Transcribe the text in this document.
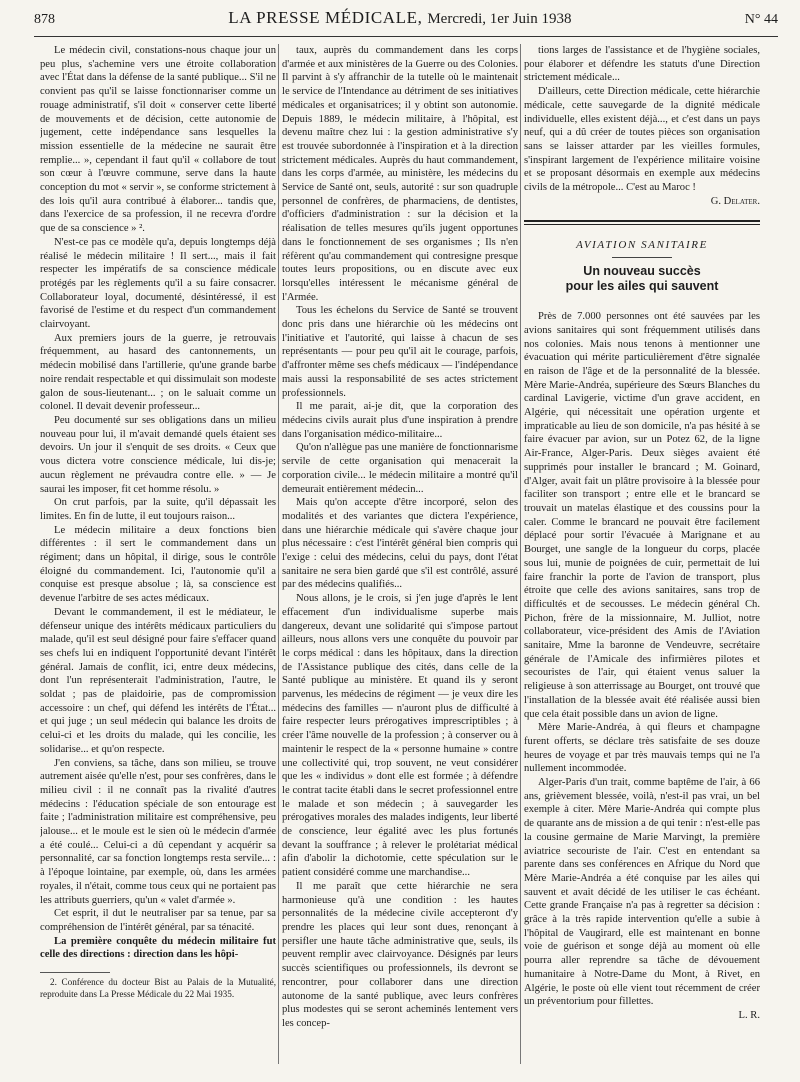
878	LA PRESSE MÉDICALE, Mercredi, 1er Juin 1938	N° 44

Le médecin civil, constations-nous chaque jour un peu plus, s'achemine vers une étroite collaboration avec l'État dans la défense de la santé publique... S'il ne convient pas qu'il se laisse fonctionnariser comme un rouage administratif, s'il doit « conserver cette liberté de mouvements et de décision, cette autonomie de jugement, cette indépendance sans lesquelles la mission essentielle de la médecine ne saurait être remplie... », cependant il faut qu'il « collabore de tout son cœur à l'œuvre commune, serve dans la haute conception du mot « servir », se conforme strictement à des lois qu'il aura contribué à élaborer... tandis que, dans l'exercice de sa profession, il ne recevra d'ordre que de sa conscience » ².

N'est-ce pas ce modèle qu'a, depuis longtemps déjà réalisé le médecin militaire ! Il sert..., mais il fait respecter les impératifs de sa conscience médicale protégés par les règlements qu'il a su faire consacrer. Collaborateur loyal, documenté, désintéressé, il est favorisé de l'estime et du respect d'un commandement clairvoyant.

Aux premiers jours de la guerre, je retrouvais fréquemment, au hasard des cantonnements, un médecin mobilisé dans l'artillerie, qu'une grande barbe noire rendait respectable et qui dissimulait son modeste galon de sous-lieutenant... ; on le saluait comme un colonel. Il devait devenir professeur...

Peu documenté sur ses obligations dans un milieu nouveau pour lui, il m'avait demandé quels étaient ses devoirs. Un jour il s'enquit de ses droits. « Ceux que vous dictera votre conscience médicale, lui dis-je; aucun règlement ne prévaudra contre elle. » — Je saurai les imposer, fit cet homme résolu. »

On crut parfois, par la suite, qu'il dépassait les limites. En fin de lutte, il eut toujours raison...

Le médecin militaire a deux fonctions bien différentes : il sert le commandement dans un régiment; dans un hôpital, il dirige, sous le contrôle éloigné du commandement. Ici, l'autonomie qu'il a conquise est presque absolue ; là, sa conscience est devenue l'arbitre de ses actes médicaux.

Devant le commandement, il est le médiateur, le défenseur unique des intérêts médicaux particuliers du malade, qu'il est seul désigné pour faire s'effacer quand ses chefs lui en indiquent l'opportunité devant l'intérêt général. Jamais de conflit, ici, entre deux médecins, dont l'un représenterait l'administration, l'autre, le soldat ; pas de plaidoirie, pas de compromission accessoire : un chef, qui défend les intérêts de l'État... et qui juge ; un seul médecin qui balance les droits de celui-ci et les droits du malade, qui les concilie, les solidarise... et qu'on respecte.

J'en conviens, sa tâche, dans son milieu, se trouve autrement aisée qu'elle n'est, pour ses confrères, dans le milieu civil : il ne connaît pas la rivalité d'autres médecins : l'éducation spéciale de son entourage est faite ; l'administration militaire est compréhensive, peu jalouse... et le moule est le sien où le médecin d'armée a été coulé... Celui-ci a dû cependant y acquérir sa personnalité, car sa fonction longtemps resta servile... : à l'époque lointaine, par exemple, où, dans les armées royales, il n'était, comme tous ceux qui ne portaient pas les attributs guerriers, qu'un « valet d'armée ».

Cet esprit, il dut le neutraliser par sa tenue, par sa compréhension de l'intérêt général, par sa ténacité.

La première conquête du médecin militaire fut celle des directions : direction dans les hôpi-

2. Conférence du docteur Bist au Palais de la Mutualité, reproduite dans La Presse Médicale du 22 Mai 1935.

taux, auprès du commandement dans les corps d'armée et aux ministères de la Guerre ou des Colonies. Il parvint à s'y affranchir de la tutelle où le maintenait le service de l'Intendance au détriment de ses initiatives médicales et organisatrices; il y obtint son autonomie. Depuis 1889, le médecin militaire, à l'hôpital, est devenu maître chez lui : la gestion administrative s'y est trouvée subordonnée à l'inspiration et à la direction strictement médicales. Auprès du haut commandement, dans les corps d'armée, au ministère, les médecins du Service de Santé ont, seuls, autorité : sur son quadruple personnel de confrères, de pharmaciens, de dentistes, d'officiers d'administration : sur la décision et la réalisation de telles mesures qu'ils jugent opportunes dans le fonctionnement de ses organismes ; Ils n'en réfèrent qu'au commandement qui contresigne presque toutes leurs propositions, ou en discute avec eux lorsqu'elles intéressent le mécanisme général de l'Armée.

Tous les échelons du Service de Santé se trouvent donc pris dans une hiérarchie où les médecins ont l'initiative et l'autorité, qui laisse à chacun de ses représentants — pour peu qu'il ait le courage, parfois, d'affronter même ses chefs médicaux — l'indépendance mais aussi la responsabilité de ses actes strictement professionnels.

Il me parait, ai-je dit, que la corporation des médecins civils aurait plus d'une inspiration à prendre dans l'organisation médico-militaire...

Qu'on n'allègue pas une manière de fonctionnarisme servile de cette organisation qui menacerait la corporation civile... le médecin militaire a montré qu'il demeurait entièrement médecin...

Mais qu'on accepte d'être incorporé, selon des modalités et des variantes que dictera l'expérience, dans une hiérarchie médicale qui s'avère chaque jour plus nécessaire : c'est l'intérêt général bien compris qui l'exige : celui des médecins, celui du pays, dont l'état sanitaire ne sera bien gardé que s'il est contrôlé, assuré par des médecins qualifiés...

Nous allons, je le crois, si j'en juge d'après le lent effacement d'un individualisme superbe mais dangereux, devant une solidarité qui s'impose partout ailleurs, nous allons vers une conquête du pouvoir par le corps médical : dans les hôpitaux, dans la direction de l'Assistance publique des cités, dans celle de la Santé publique au ministère. Et quand ils y seront parvenus, les médecins de régiment — je veux dire les médecins des familles — n'auront plus de difficulté à faire respecter leurs prérogatives imprescriptibles ; à créer l'âme nouvelle de la profession ; à conserver ou à maintenir le respect de la « personne humaine » contre une collectivité qui, trop souvent, ne veut considérer que les « individus » dont elle est formée ; à défendre le contrat tacite établi dans le secret professionnel entre le malade et son médecin ; à sauvegarder les prérogatives morales des malades indigents, leur liberté de conscience, leur égalité avec les plus fortunés devant la souffrance ; à relever le prolétariat médical afin d'abolir la dichotomie, cette spéculation sur le patient considéré comme une marchandise...

Il me paraît que cette hiérarchie ne sera harmonieuse qu'à une condition : les hautes personnalités de la médecine civile accepteront d'y prendre les places qui leur sont dues, renonçant à persifler une haute tâche administrative que, seuls, ils peuvent remplir avec clairvoyance. Désignés par leurs succès scientifiques ou professionnels, ils devront se rencontrer, pour collaborer dans une direction autonome de la santé publique, avec leurs confrères plus modestes qui se seront acheminés lentement vers les concep-

tions larges de l'assistance et de l'hygiène sociales, pour élaborer et défendre les statuts d'une Direction strictement médicale...

D'ailleurs, cette Direction médicale, cette hiérarchie médicale, cette sauvegarde de la dignité médicale individuelle, elles existent déjà..., et c'est dans un pays neuf, qui a dû créer de toutes pièces son organisation sans se laisser attarder par les vieilles formules, s'inspirant largement de l'expérience militaire voisine et se proposant désormais en exemple aux médecins civils de la métropole... C'est au Maroc !

G. Delater.

AVIATION SANITAIRE
Un nouveau succès
pour les ailes qui sauvent

Près de 7.000 personnes ont été sauvées par les avions sanitaires qui sont fréquemment utilisés dans nos colonies. Mais nous tenons à mentionner une évacuation qui mérite particulièrement d'être signalée en raison de l'âge et de la personnalité de la blessée. Mère Marie-Andréa, supérieure des Sœurs Blanches du cardinal Lavigerie, victime d'un grave accident, en Algérie, qui nécessitait une opération urgente et impraticable au lieu de son domicile, n'a pas hésité à se faire évacuer par avion, sur un Potez 62, de la ligne Air-France, Alger-Paris. Deux sièges avaient été supprimés pour installer le brancard ; M. Goinard, d'Alger, avait fait un plâtre provisoire à la blessée pour faciliter son transport ; entre elle et le brancard se trouvait un matelas élastique et des coussins pour la caler. Comme le brancard ne pouvait être facilement déplacé pour sortir l'évacuée à Marignane et au Bourget, une sangle de la longueur du corps, placée sous lui, munie de poignées de cuir, permettait de lui faire franchir la porte de l'avion de transport, plus étroite que celle des avions sanitaires, sans trop de difficultés et de secousses. Le médecin général Ch. Pichon, frère de la missionnaire, M. Julliot, notre collaborateur, vice-président des Amis de l'Aviation sanitaire, Mme la baronne de Vendeuvre, secrétaire générale de l'Amicale des infirmières pilotes et secouristes de l'air, qui étaient venus saluer la religieuse à son atterrissage au Bourget, ont trouvé que l'installation de la blessée avait été réalisée aussi bien que cela était possible dans un avion de ligne.

Mère Marie-Andréa, à qui fleurs et champagne furent offerts, se déclare très satisfaite de ses douze heures de voyage et par très mauvais temps qui ne l'a nullement incommodée.

Alger-Paris d'un trait, comme baptême de l'air, à 66 ans, grièvement blessée, voilà, n'est-il pas vrai, un bel exemple à citer. Mère Marie-Andréa qui compte plus de quarante ans de mission a de qui tenir : n'est-elle pas la cousine germaine de Marie Marvingt, la première aviatrice secouriste de l'air. C'est en entendant sa parente dans ses conférences en Afrique du Nord que Mère Marie-Andréa a été conquise par les ailes qui sauvent et avait décidé de les utiliser le cas échéant. Cette grande Française n'a pas à regretter sa décision : grâce à la très rapide intervention qu'elle a subie à l'hôpital de Vaugirard, elle est maintenant en bonne voie de guérison et songe déjà au moment où elle pourra aller reprendre sa tâche de dévouement humanitaire à Notre-Dame du Mont, à Rivet, en Algérie, le poste où elle vient tout récemment de créer un préventorium pour fillettes.

L. R.
